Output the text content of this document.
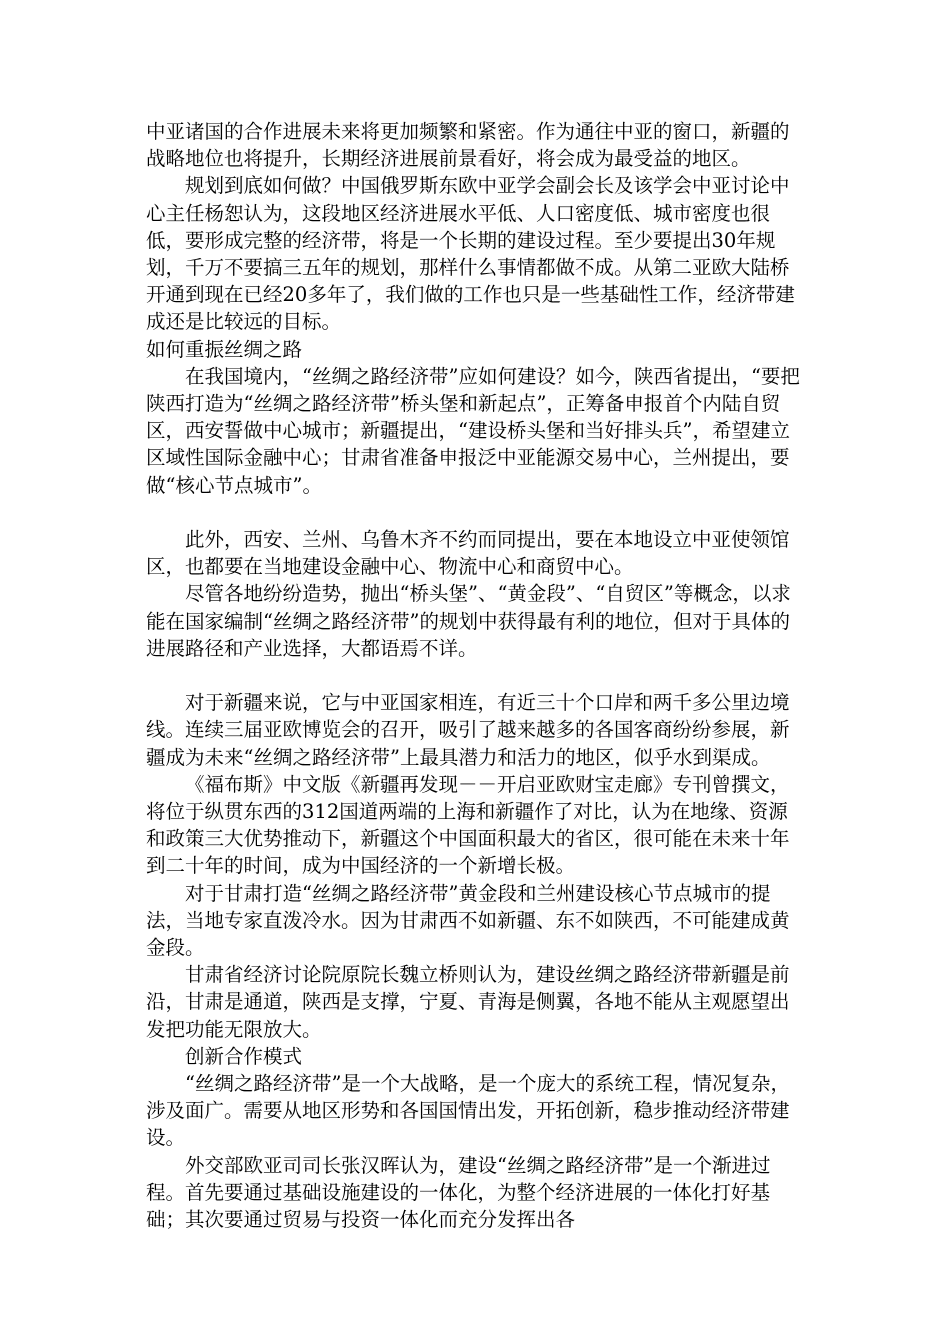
中亚诸国的合作进展未来将更加频繁和紧密。作为通往中亚的窗口，新疆的战略地位也将提升，长期经济进展前景看好，将会成为最受益的地区。

规划到底如何做？中国俄罗斯东欧中亚学会副会长及该学会中亚讨论中心主任杨恕认为，这段地区经济进展水平低、人口密度低、城市密度也很低，要形成完整的经济带，将是一个长期的建设过程。至少要提出30年规划，千万不要搞三五年的规划，那样什么事情都做不成。从第二亚欧大陆桥开通到现在已经20多年了，我们做的工作也只是一些基础性工作，经济带建成还是比较远的目标。

如何重振丝绸之路

在我国境内，“丝绸之路经济带”应如何建设？如今，陕西省提出，“要把陕西打造为“丝绸之路经济带”桥头堡和新起点”，正筹备申报首个内陆自贸区，西安誓做中心城市；新疆提出，“建设桥头堡和当好排头兵”，希望建立区域性国际金融中心；甘肃省准备申报泛中亚能源交易中心，兰州提出，要做“核心节点城市”。

此外，西安、兰州、乌鲁木齐不约而同提出，要在本地设立中亚使领馆区，也都要在当地建设金融中心、物流中心和商贸中心。

尽管各地纷纷造势，抛出“桥头堡”、“黄金段”、“自贸区”等概念，以求能在国家编制“丝绸之路经济带”的规划中获得最有利的地位，但对于具体的进展路径和产业选择，大都语焉不详。

对于新疆来说，它与中亚国家相连，有近三十个口岸和两千多公里边境线。连续三届亚欧博览会的召开，吸引了越来越多的各国客商纷纷参展，新疆成为未来“丝绸之路经济带”上最具潜力和活力的地区，似乎水到渠成。

《福布斯》中文版《新疆再发现－－开启亚欧财宝走廊》专刊曾撰文，将位于纵贯东西的312国道两端的上海和新疆作了对比，认为在地缘、资源和政策三大优势推动下，新疆这个中国面积最大的省区，很可能在未来十年到二十年的时间，成为中国经济的一个新增长极。

对于甘肃打造“丝绸之路经济带”黄金段和兰州建设核心节点城市的提法，当地专家直泼冷水。因为甘肃西不如新疆、东不如陕西，不可能建成黄金段。

甘肃省经济讨论院原院长魏立桥则认为，建设丝绸之路经济带新疆是前沿，甘肃是通道，陕西是支撑，宁夏、青海是侧翼，各地不能从主观愿望出发把功能无限放大。

创新合作模式

“丝绸之路经济带”是一个大战略，是一个庞大的系统工程，情况复杂，涉及面广。需要从地区形势和各国国情出发，开拓创新，稳步推动经济带建设。

外交部欧亚司司长张汉晖认为，建设“丝绸之路经济带”是一个渐进过程。首先要通过基础设施建设的一体化，为整个经济进展的一体化打好基础；其次要通过贸易与投资一体化而充分发挥出各
